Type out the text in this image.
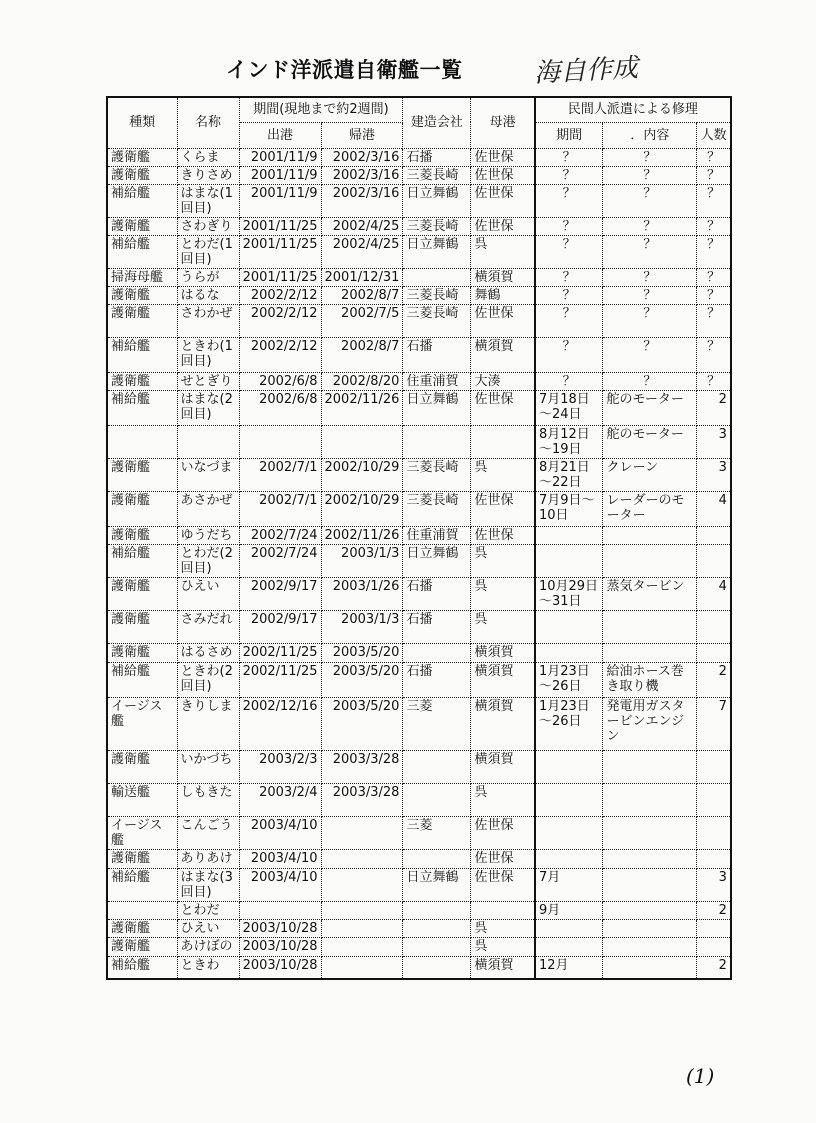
インド洋派遣自衛艦一覧	海自作成
種類	名称	期間(現地まで約2週間)		建造会社	母港	民間人派遣による修理		
		出港	帰港			期間	．内容	人数
護衛艦	くらま	2001/11/9	2002/3/16	石播	佐世保	？	？	？
護衛艦	きりさめ	2001/11/9	2002/3/16	三菱長崎	佐世保	？	？	？
補給艦	はまな(1回目)	2001/11/9	2002/3/16	日立舞鶴	佐世保	？	？	？
護衛艦	さわぎり	2001/11/25	2002/4/25	三菱長崎	佐世保	？	？	？
補給艦	とわだ(1回目)	2001/11/25	2002/4/25	日立舞鶴	呉	？	？	？
掃海母艦	うらが	2001/11/25	2001/12/31		横須賀	？	？	？
護衛艦	はるな	2002/2/12	2002/8/7	三菱長崎	舞鶴	？	？	？
護衛艦	さわかぜ	2002/2/12	2002/7/5	三菱長崎	佐世保	？	？	？
補給艦	ときわ(1回目)	2002/2/12	2002/8/7	石播	横須賀	？	？	？
護衛艦	せとぎり	2002/6/8	2002/8/20	住重浦賀	大湊	？	？	？
補給艦	はまな(2回目)	2002/6/8	2002/11/26	日立舞鶴	佐世保	7月18日～24日	舵のモーター	2
						8月12日～19日	舵のモーター	3
護衛艦	いなづま	2002/7/1	2002/10/29	三菱長崎	呉	8月21日～22日	クレーン	3
護衛艦	あさかぜ	2002/7/1	2002/10/29	三菱長崎	佐世保	7月9日～10日	レーダーのモーター	4
護衛艦	ゆうだち	2002/7/24	2002/11/26	住重浦賀	佐世保			
補給艦	とわだ(2回目)	2002/7/24	2003/1/3	日立舞鶴	呉			
護衛艦	ひえい	2002/9/17	2003/1/26	石播	呉	10月29日～31日	蒸気タービン	4
護衛艦	さみだれ	2002/9/17	2003/1/3	石播	呉			
護衛艦	はるさめ	2002/11/25	2003/5/20		横須賀			
補給艦	ときわ(2回目)	2002/11/25	2003/5/20	石播	横須賀	1月23日～26日	給油ホース巻き取り機	2
イージス艦	きりしま	2002/12/16	2003/5/20	三菱	横須賀	1月23日～26日	発電用ガスタービンエンジン	7
護衛艦	いかづち	2003/2/3	2003/3/28		横須賀			
輸送艦	しもきた	2003/2/4	2003/3/28		呉			
イージス艦	こんごう	2003/4/10		三菱	佐世保			
護衛艦	ありあけ	2003/4/10			佐世保			
補給艦	はまな(3回目)	2003/4/10		日立舞鶴	佐世保	7月		3
	とわだ					9月		2
護衛艦	ひえい	2003/10/28			呉			
護衛艦	あけぼの	2003/10/28			呉			
補給艦	ときわ	2003/10/28			横須賀	12月		2
(1)
